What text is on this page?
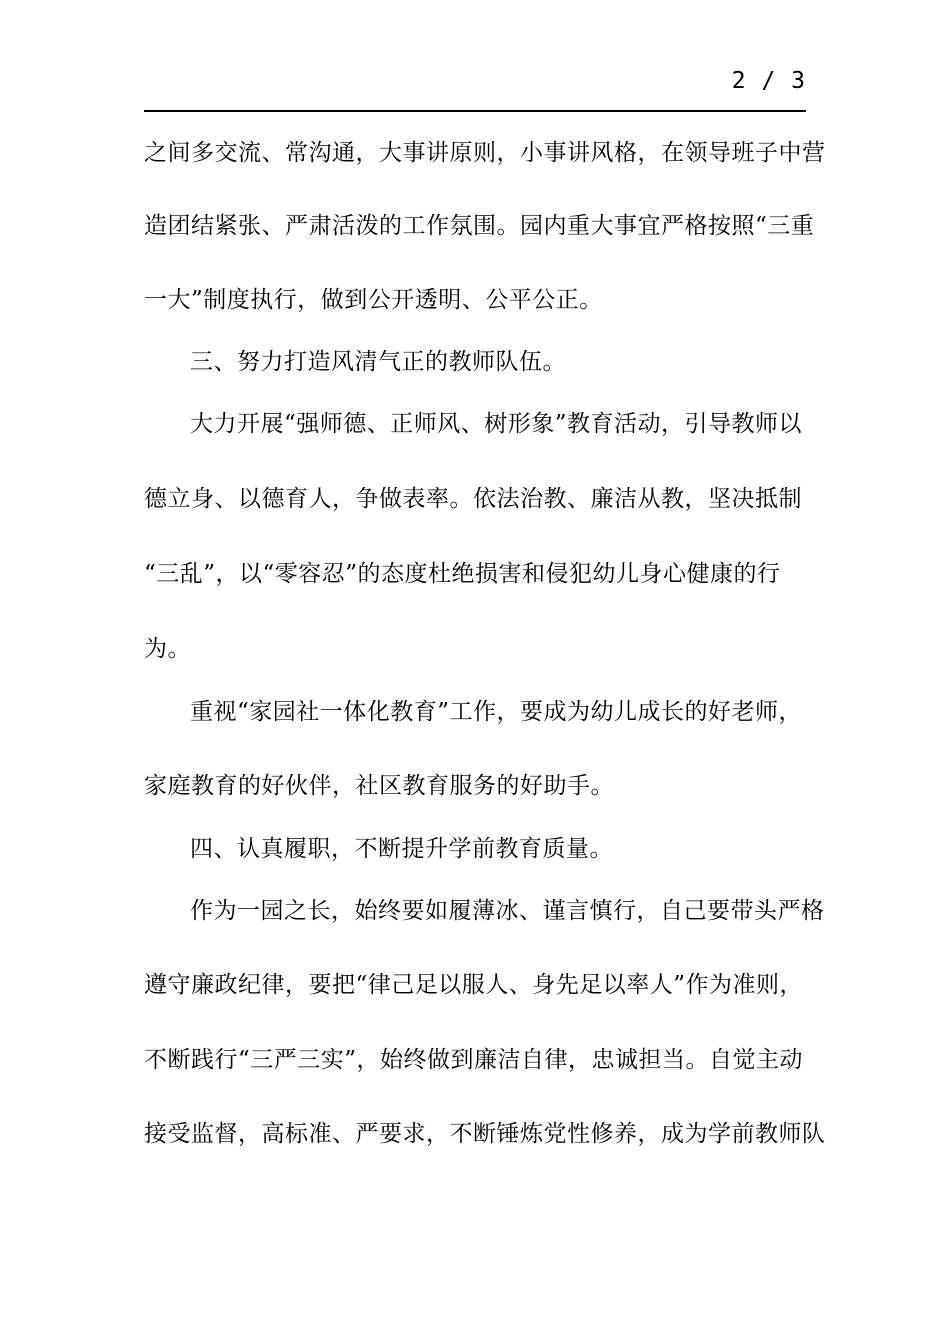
2 / 3
之间多交流、常沟通，大事讲原则，小事讲风格，在领导班子中营
造团结紧张、严肃活泼的工作氛围。园内重大事宜严格按照“三重
一大”制度执行，做到公开透明、公平公正。
三、努力打造风清气正的教师队伍。
大力开展“强师德、正师风、树形象”教育活动，引导教师以
德立身、以德育人，争做表率。依法治教、廉洁从教，坚决抵制
“三乱”，以“零容忍”的态度杜绝损害和侵犯幼儿身心健康的行
为。
重视“家园社一体化教育”工作，要成为幼儿成长的好老师，
家庭教育的好伙伴，社区教育服务的好助手。
四、认真履职，不断提升学前教育质量。
作为一园之长，始终要如履薄冰、谨言慎行，自己要带头严格
遵守廉政纪律，要把“律己足以服人、身先足以率人”作为准则，
不断践行“三严三实”，始终做到廉洁自律，忠诚担当。自觉主动
接受监督，高标准、严要求，不断锤炼党性修养，成为学前教师队
